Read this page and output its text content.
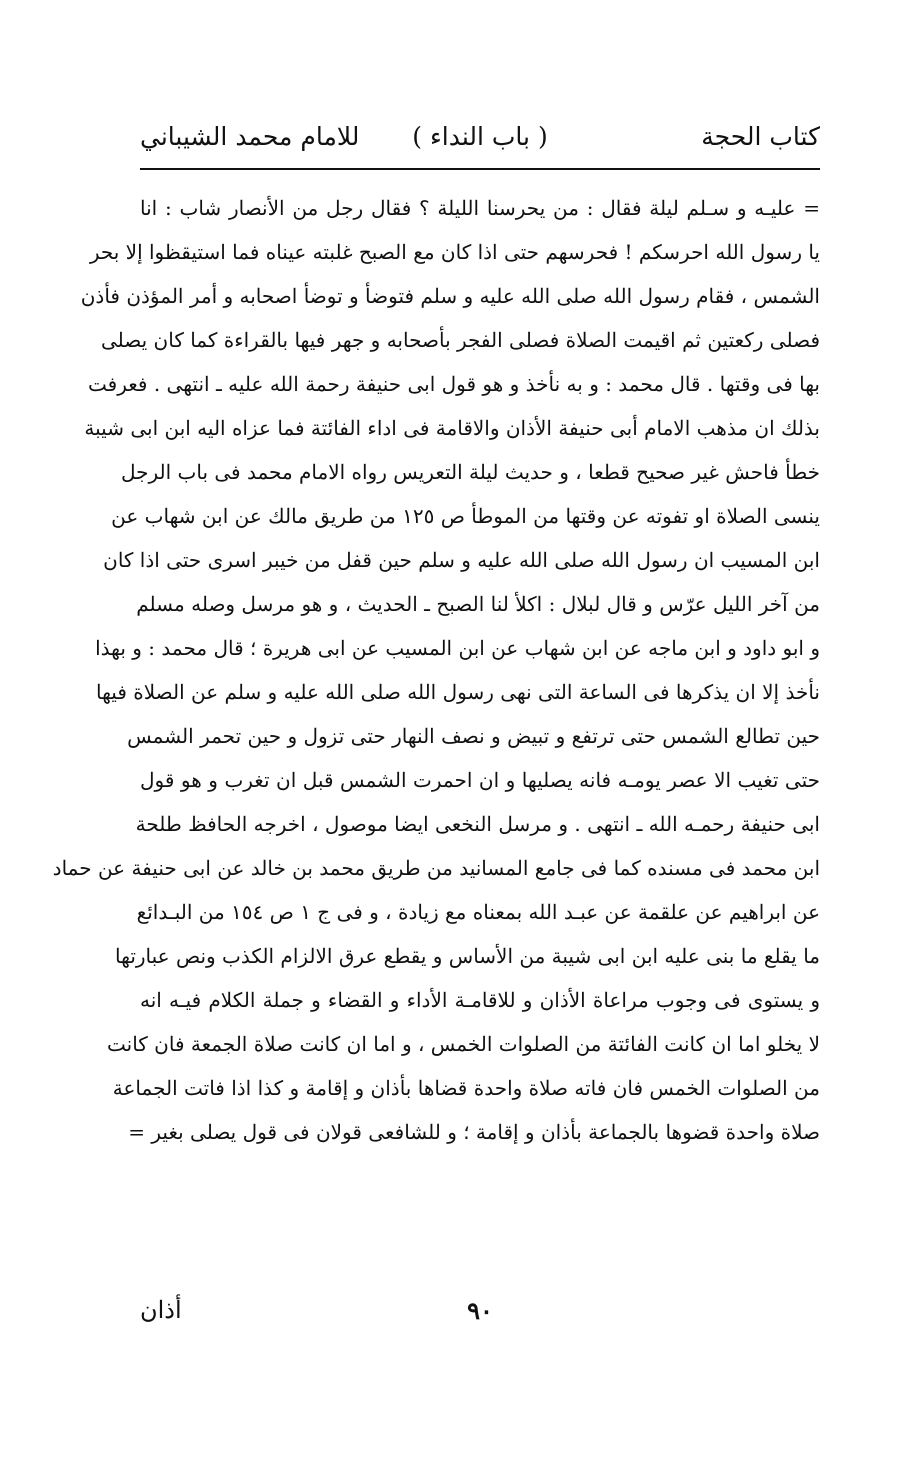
كتاب الحجة
( باب النداء )
للامام محمد الشيباني
= عليـه و سـلم ليلة فقال : من يحرسنا الليلة ؟ فقال رجل من الأنصار شاب : انا
يا رسول الله احرسكم ! فحرسهم حتى اذا كان مع الصبح غلبته عيناه فما استيقظوا إلا بحر
الشمس ، فقام رسول الله صلى الله عليه و سلم فتوضأ و توضأ اصحابه و أمر المؤذن فأذن
فصلى ركعتين ثم اقيمت الصلاة فصلى الفجر بأصحابه و جهر فيها بالقراءة كما كان يصلى
بها فى وقتها . قال محمد : و به نأخذ و هو قول ابى حنيفة رحمة الله عليه ـ انتهى . فعرفت
بذلك ان مذهب الامام أبى حنيفة الأذان والاقامة فى اداء الفائتة فما عزاه اليه ابن ابى شيبة
خطأ فاحش غير صحيح قطعا ، و حديث ليلة التعريس رواه الامام محمد فى باب الرجل
ينسى الصلاة او تفوته عن وقتها من الموطأ ص ١٢٥ من طريق مالك عن ابن شهاب عن
ابن المسيب ان رسول الله صلى الله عليه و سلم حين قفل من خيبر اسرى حتى اذا كان
من آخر الليل عرّس و قال لبلال : اكلأ لنا الصبح ـ الحديث ، و هو مرسل وصله مسلم
و ابو داود و ابن ماجه عن ابن شهاب عن ابن المسيب عن ابى هريرة ؛ قال محمد : و بهذا
نأخذ إلا ان يذكرها فى الساعة التى نهى رسول الله صلى الله عليه و سلم عن الصلاة فيها
حين تطالع الشمس حتى ترتفع و تبيض و نصف النهار حتى تزول و حين تحمر الشمس
حتى تغيب الا عصر يومـه فانه يصليها و ان احمرت الشمس قبل ان تغرب و هو قول
ابى حنيفة رحمـه الله ـ انتهى . و مرسل النخعى ايضا موصول ، اخرجه الحافظ طلحة
ابن محمد فى مسنده كما فى جامع المسانيد من طريق محمد بن خالد عن ابى حنيفة عن حماد
عن ابراهيم عن علقمة عن عبـد الله بمعناه مع زيادة ، و فى ج ١ ص ١٥٤ من البـدائع
ما يقلع ما بنى عليه ابن ابى شيبة من الأساس و يقطع عرق الالزام الكذب ونص عبارتها
و يستوى فى وجوب مراعاة الأذان و للاقامـة الأداء و القضاء و جملة الكلام فيـه انه
لا يخلو اما ان كانت الفائتة من الصلوات الخمس ، و اما ان كانت صلاة الجمعة فان كانت
من الصلوات الخمس فان فاته صلاة واحدة قضاها بأذان و إقامة و كذا اذا فاتت الجماعة
صلاة واحدة قضوها بالجماعة بأذان و إقامة ؛ و للشافعى قولان فى قول يصلى بغير =
٩٠
أذان
